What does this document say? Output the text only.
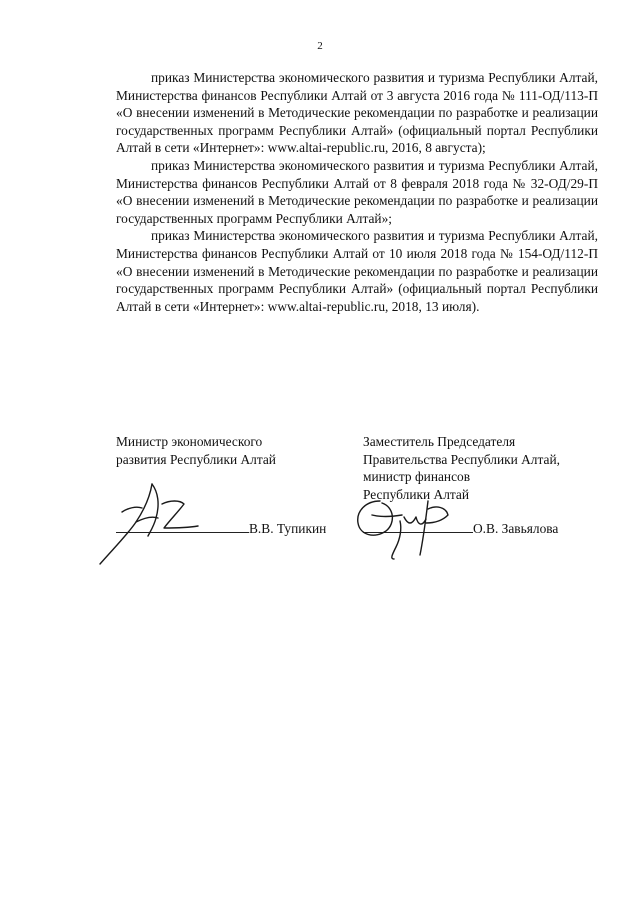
2

приказ Министерства экономического развития и туризма Республики Алтай, Министерства финансов Республики Алтай от 3 августа 2016 года № 111-ОД/113-П «О внесении изменений в Методические рекомендации по разработке и реализации государственных программ Республики Алтай» (официальный портал Республики Алтай в сети «Интернет»: www.altai-republic.ru, 2016, 8 августа);

приказ Министерства экономического развития и туризма Республики Алтай, Министерства финансов Республики Алтай от 8 февраля 2018 года № 32-ОД/29-П «О внесении изменений в Методические рекомендации по разработке и реализации государственных программ Республики Алтай»;

приказ Министерства экономического развития и туризма Республики Алтай, Министерства финансов Республики Алтай от 10 июля 2018 года № 154-ОД/112-П «О внесении изменений в Методические рекомендации по разработке и реализации государственных программ Республики Алтай» (официальный портал Республики Алтай в сети «Интернет»: www.altai-republic.ru, 2018, 13 июля).

Министр экономического
развития Республики Алтай
Заместитель Председателя
Правительства Республики Алтай,
министр финансов
Республики Алтай
В.В. Тупикин	О.В. Завьялова
